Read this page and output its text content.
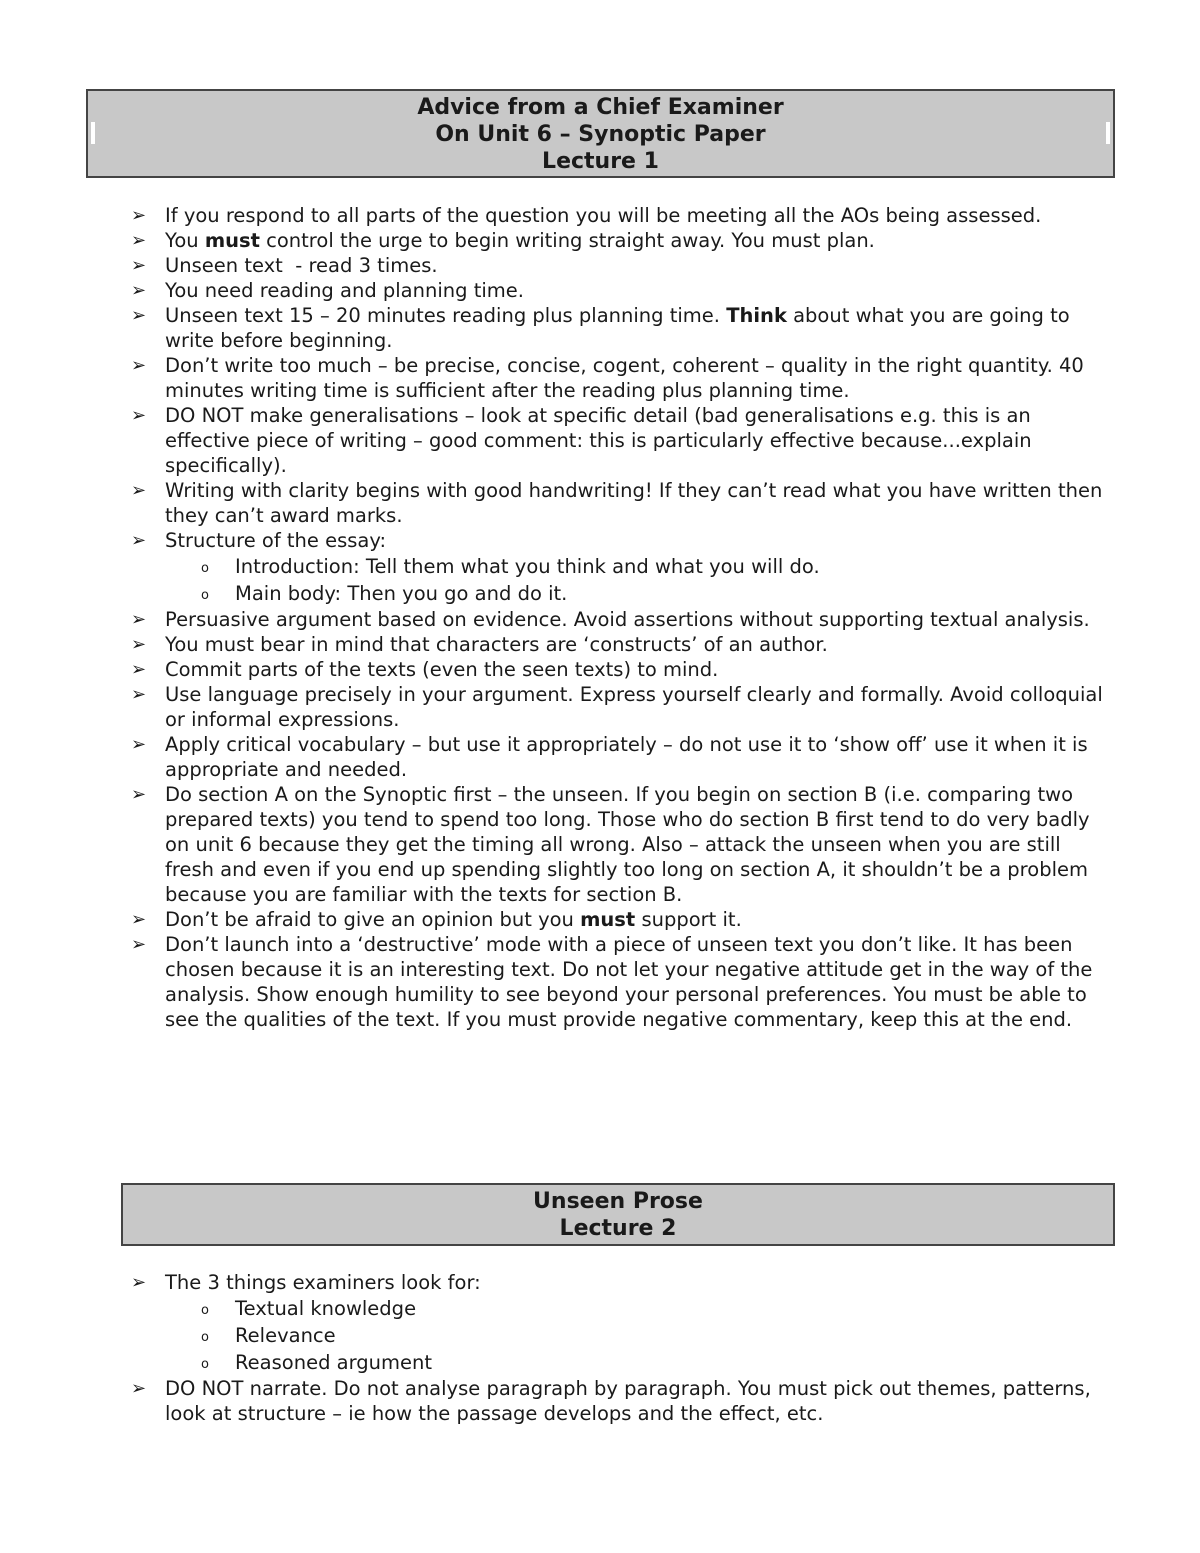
Advice from a Chief Examiner
On Unit 6 – Synoptic Paper
Lecture 1
➢ If you respond to all parts of the question you will be meeting all the AOs being assessed.
➢ You must control the urge to begin writing straight away. You must plan.
➢ Unseen text  - read 3 times.
➢ You need reading and planning time.
➢ Unseen text 15 – 20 minutes reading plus planning time. Think about what you are going to write before beginning.
➢ Don’t write too much – be precise, concise, cogent, coherent – quality in the right quantity. 40 minutes writing time is sufficient after the reading plus planning time.
➢ DO NOT make generalisations – look at specific detail (bad generalisations e.g. this is an effective piece of writing – good comment: this is particularly effective because...explain specifically).
➢ Writing with clarity begins with good handwriting! If they can’t read what you have written then they can’t award marks.
➢ Structure of the essay:
o Introduction: Tell them what you think and what you will do.
o Main body: Then you go and do it.
➢ Persuasive argument based on evidence. Avoid assertions without supporting textual analysis.
➢ You must bear in mind that characters are ‘constructs’ of an author.
➢ Commit parts of the texts (even the seen texts) to mind.
➢ Use language precisely in your argument. Express yourself clearly and formally. Avoid colloquial or informal expressions.
➢ Apply critical vocabulary – but use it appropriately – do not use it to ‘show off’ use it when it is appropriate and needed.
➢ Do section A on the Synoptic first – the unseen. If you begin on section B (i.e. comparing two prepared texts) you tend to spend too long. Those who do section B first tend to do very badly on unit 6 because they get the timing all wrong. Also – attack the unseen when you are still fresh and even if you end up spending slightly too long on section A, it shouldn’t be a problem because you are familiar with the texts for section B.
➢ Don’t be afraid to give an opinion but you must support it.
➢ Don’t launch into a ‘destructive’ mode with a piece of unseen text you don’t like. It has been chosen because it is an interesting text. Do not let your negative attitude get in the way of the analysis. Show enough humility to see beyond your personal preferences. You must be able to see the qualities of the text. If you must provide negative commentary, keep this at the end.
Unseen Prose
Lecture 2
➢ The 3 things examiners look for:
o Textual knowledge
o Relevance
o Reasoned argument
➢ DO NOT narrate. Do not analyse paragraph by paragraph. You must pick out themes, patterns, look at structure – ie how the passage develops and the effect, etc.
